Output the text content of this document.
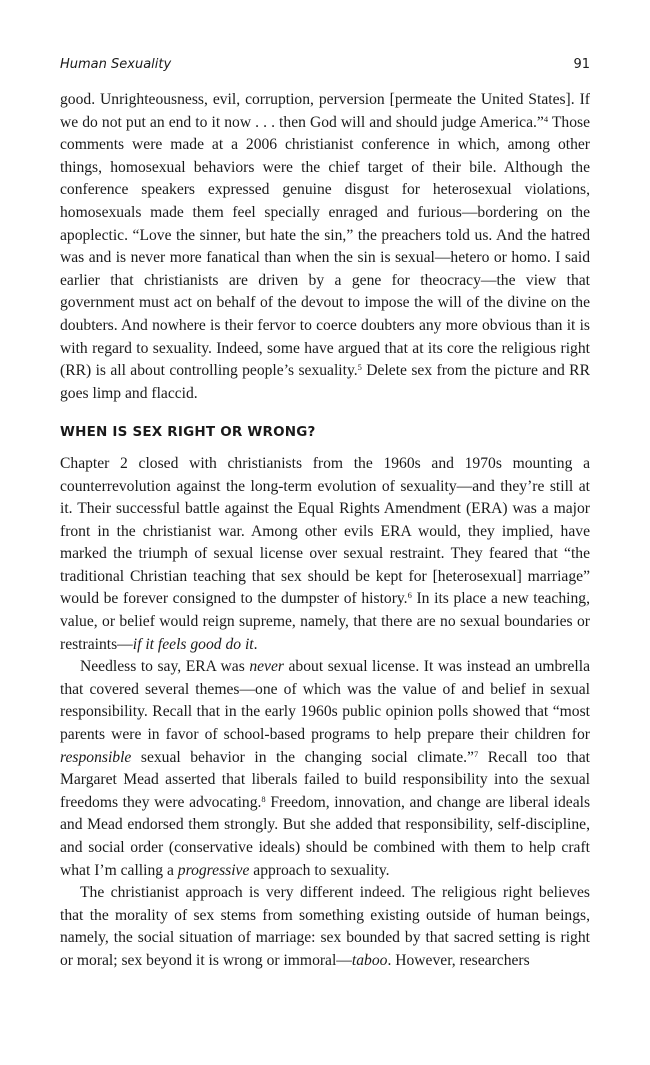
Human Sexuality	91

good. Unrighteousness, evil, corruption, perversion [permeate the United States]. If we do not put an end to it now . . . then God will and should judge America.”$^4$ Those comments were made at a 2006 christianist conference in which, among other things, homosexual behaviors were the chief target of their bile. Although the conference speakers expressed genuine disgust for heterosexual violations, homosexuals made them feel specially enraged and furious—bordering on the apoplectic. “Love the sinner, but hate the sin,” the preachers told us. And the hatred was and is never more fanatical than when the sin is sexual—hetero or homo. I said earlier that christianists are driven by a gene for theocracy—the view that government must act on behalf of the devout to impose the will of the divine on the doubters. And nowhere is their fervor to coerce doubters any more obvious than it is with regard to sexuality. Indeed, some have argued that at its core the religious right (RR) is all about controlling people’s sexuality.$^5$ Delete sex from the picture and RR goes limp and flaccid.

WHEN IS SEX RIGHT OR WRONG?

Chapter 2 closed with christianists from the 1960s and 1970s mounting a counterrevolution against the long-term evolution of sexuality—and they’re still at it. Their successful battle against the Equal Rights Amendment (ERA) was a major front in the christianist war. Among other evils ERA would, they implied, have marked the triumph of sexual license over sexual restraint. They feared that “the traditional Christian teaching that sex should be kept for [heterosexual] marriage” would be forever consigned to the dumpster of history.$^6$ In its place a new teaching, value, or belief would reign supreme, namely, that there are no sexual boundaries or restraints—if it feels good do it.

Needless to say, ERA was never about sexual license. It was instead an umbrella that covered several themes—one of which was the value of and belief in sexual responsibility. Recall that in the early 1960s public opinion polls showed that “most parents were in favor of school-based programs to help prepare their children for responsible sexual behavior in the changing social climate.”$^7$ Recall too that Margaret Mead asserted that liberals failed to build responsibility into the sexual freedoms they were advocating.$^8$ Freedom, innovation, and change are liberal ideals and Mead endorsed them strongly. But she added that responsibility, self-discipline, and social order (conservative ideals) should be combined with them to help craft what I’m calling a progressive approach to sexuality.

The christianist approach is very different indeed. The religious right believes that the morality of sex stems from something existing outside of human beings, namely, the social situation of marriage: sex bounded by that sacred setting is right or moral; sex beyond it is wrong or immoral—taboo. However, researchers
